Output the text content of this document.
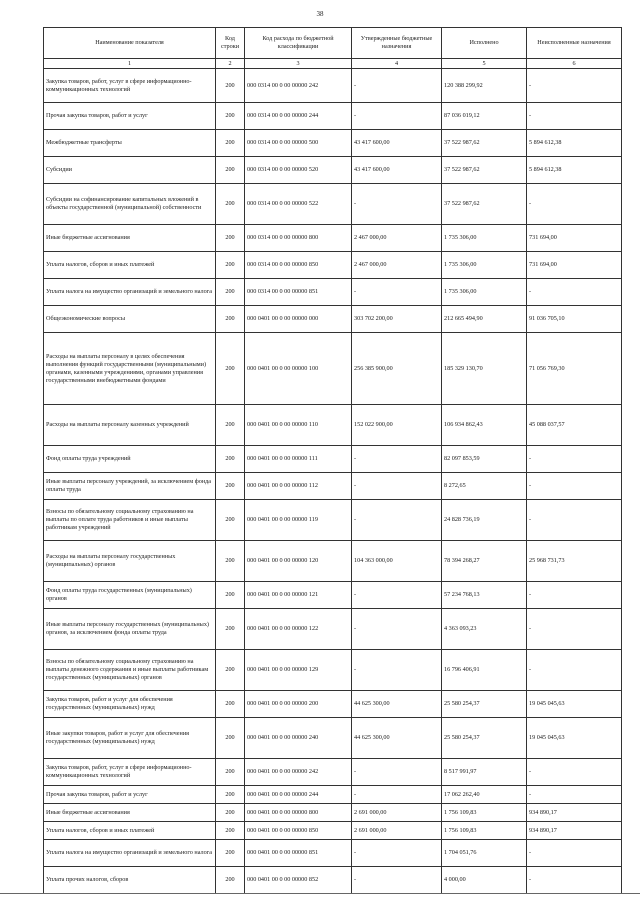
38
Наименование показателя	Код строки	Код расхода по бюджетной классификации	Утвержденные бюджетные назначения	Исполнено	Неисполненные назначения
1	2	3	4	5	6
Закупка товаров, работ, услуг в сфере информационно-коммуникационных технологий	200	000 0314 00 0 00 00000 242	-	120 388 299,92	-
Прочая закупка товаров, работ и услуг	200	000 0314 00 0 00 00000 244	-	87 036 019,12	-
Межбюджетные трансферты	200	000 0314 00 0 00 00000 500	43 417 600,00	37 522 987,62	5 894 612,38
Субсидии	200	000 0314 00 0 00 00000 520	43 417 600,00	37 522 987,62	5 894 612,38
Субсидии на софинансирование капитальных вложений в объекты государственной (муниципальной) собственности	200	000 0314 00 0 00 00000 522	-	37 522 987,62	-
Иные бюджетные ассигнования	200	000 0314 00 0 00 00000 800	2 467 000,00	1 735 306,00	731 694,00
Уплата налогов, сборов и иных платежей	200	000 0314 00 0 00 00000 850	2 467 000,00	1 735 306,00	731 694,00
Уплата налога на имущество организаций и земельного налога	200	000 0314 00 0 00 00000 851	-	1 735 306,00	-
Общеэкономические вопросы	200	000 0401 00 0 00 00000 000	303 702 200,00	212 665 494,90	91 036 705,10
Расходы на выплаты персоналу в целях обеспечения выполнения функций государственными (муниципальными) органами, казенными учреждениями, органами управления государственными внебюджетными фондами	200	000 0401 00 0 00 00000 100	256 385 900,00	185 329 130,70	71 056 769,30
Расходы на выплаты персоналу казенных учреждений	200	000 0401 00 0 00 00000 110	152 022 900,00	106 934 862,43	45 088 037,57
Фонд оплаты труда учреждений	200	000 0401 00 0 00 00000 111	-	82 097 853,59	-
Иные выплаты персоналу учреждений, за исключением фонда оплаты труда	200	000 0401 00 0 00 00000 112	-	8 272,65	-
Взносы по обязательному социальному страхованию на выплаты по оплате труда работников и иные выплаты работникам учреждений	200	000 0401 00 0 00 00000 119	-	24 828 736,19	-
Расходы на выплаты персоналу государственных (муниципальных) органов	200	000 0401 00 0 00 00000 120	104 363 000,00	78 394 268,27	25 968 731,73
Фонд оплаты труда государственных (муниципальных) органов	200	000 0401 00 0 00 00000 121	-	57 234 768,13	-
Иные выплаты персоналу государственных (муниципальных) органов, за исключением фонда оплаты труда	200	000 0401 00 0 00 00000 122	-	4 363 093,23	-
Взносы по обязательному социальному страхованию на выплаты денежного содержания и иные выплаты работникам государственных (муниципальных) органов	200	000 0401 00 0 00 00000 129	-	16 796 406,91	-
Закупка товаров, работ и услуг для обеспечения государственных (муниципальных) нужд	200	000 0401 00 0 00 00000 200	44 625 300,00	25 580 254,37	19 045 045,63
Иные закупки товаров, работ и услуг для обеспечения государственных (муниципальных) нужд	200	000 0401 00 0 00 00000 240	44 625 300,00	25 580 254,37	19 045 045,63
Закупка товаров, работ, услуг в сфере информационно-коммуникационных технологий	200	000 0401 00 0 00 00000 242	-	8 517 991,97	-
Прочая закупка товаров, работ и услуг	200	000 0401 00 0 00 00000 244	-	17 062 262,40	-
Иные бюджетные ассигнования	200	000 0401 00 0 00 00000 800	2 691 000,00	1 756 109,83	934 890,17
Уплата налогов, сборов и иных платежей	200	000 0401 00 0 00 00000 850	2 691 000,00	1 756 109,83	934 890,17
Уплата налога на имущество организаций и земельного налога	200	000 0401 00 0 00 00000 851	-	1 704 051,76	-
Уплата прочих налогов, сборов	200	000 0401 00 0 00 00000 852	-	4 000,00	-
